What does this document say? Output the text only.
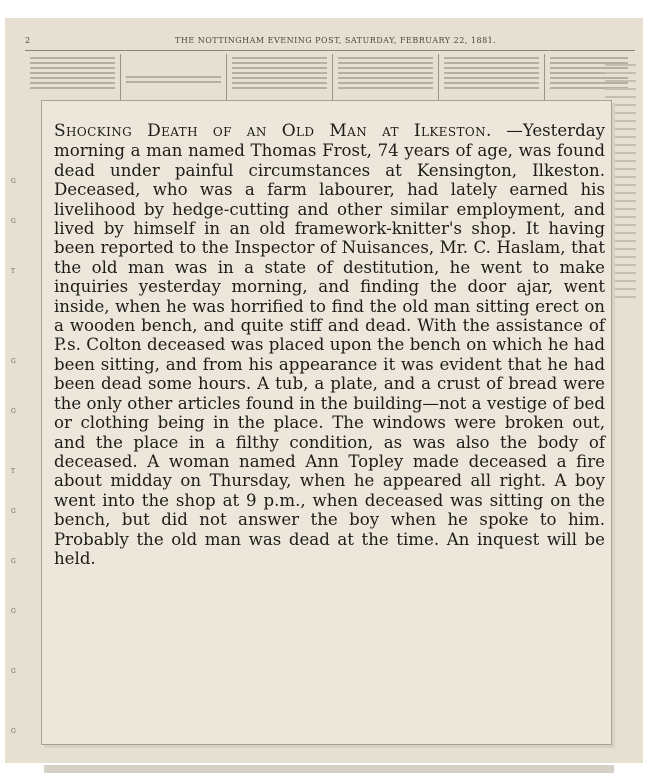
2	THE NOTTINGHAM EVENING POST, SATURDAY, FEBRUARY 22, 1881.
G
G
T
G
G
T
G
G
G
G
G
Shocking Death of an Old Man at Ilkeston. —Yesterday morning a man named Thomas Frost, 74 years of age, was found dead under painful circumstances at Kensington, Ilkeston. Deceased, who was a farm labourer, had lately earned his livelihood by hedge-cutting and other similar employment, and lived by himself in an old framework-knitter's shop. It having been reported to the Inspector of Nuisances, Mr. C. Haslam, that the old man was in a state of destitution, he went to make inquiries yesterday morning, and finding the door ajar, went inside, when he was horrified to find the old man sitting erect on a wooden bench, and quite stiff and dead. With the assistance of P.s. Colton deceased was placed upon the bench on which he had been sitting, and from his appearance it was evident that he had been dead some hours. A tub, a plate, and a crust of bread were the only other articles found in the building—not a vestige of bed or clothing being in the place. The windows were broken out, and the place in a filthy condition, as was also the body of deceased. A woman named Ann Topley made deceased a fire about midday on Thursday, when he appeared all right. A boy went into the shop at 9 p.m., when deceased was sitting on the bench, but did not answer the boy when he spoke to him. Probably the old man was dead at the time. An inquest will be held.
